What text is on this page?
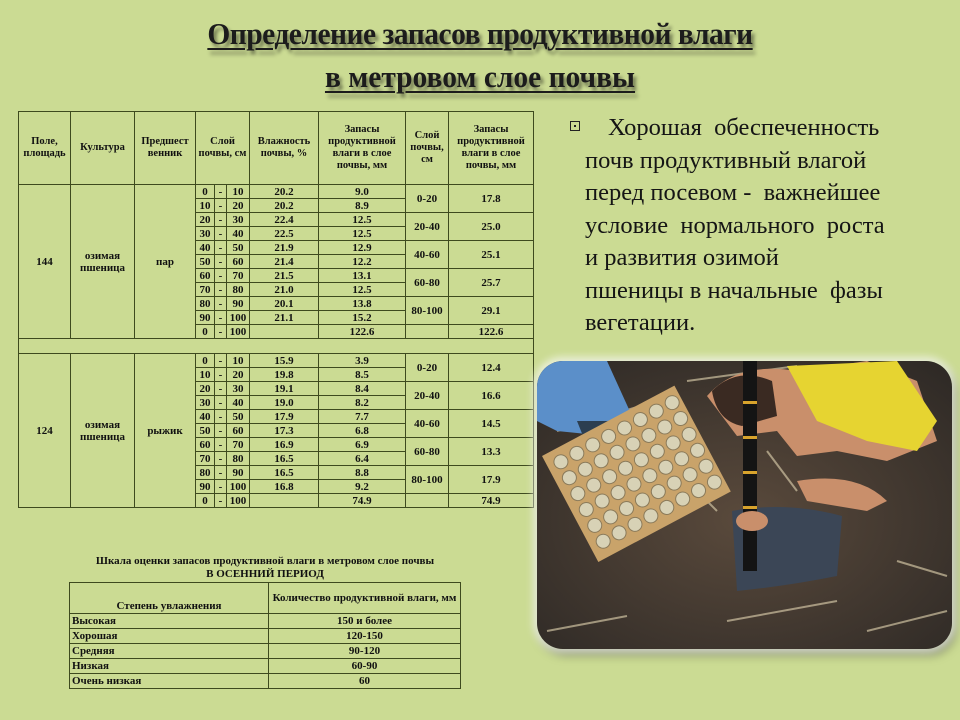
Определение запасов продуктивной влаги
в метровом слое почвы
Поле, площадь	Культура	Предшест венник	Слой почвы, см			Влажность почвы, %	Запасы продуктивной влаги в слое почвы, мм	Слой почвы, см	Запасы продуктивной влаги в слое почвы, мм
144	озимая пшеница	пар	0	-	10	20.2	9.0	0-20	17.8
			10	-	20	20.2	8.9		
			20	-	30	22.4	12.5	20-40	25.0
			30	-	40	22.5	12.5		
			40	-	50	21.9	12.9	40-60	25.1
			50	-	60	21.4	12.2		
			60	-	70	21.5	13.1	60-80	25.7
			70	-	80	21.0	12.5		
			80	-	90	20.1	13.8	80-100	29.1
			90	-	100	21.1	15.2		
			0	-	100		122.6		122.6

124	озимая пшеница	рыжик	0	-	10	15.9	3.9	0-20	12.4
			10	-	20	19.8	8.5		
			20	-	30	19.1	8.4	20-40	16.6
			30	-	40	19.0	8.2		
			40	-	50	17.9	7.7	40-60	14.5
			50	-	60	17.3	6.8		
			60	-	70	16.9	6.9	60-80	13.3
			70	-	80	16.5	6.4		
			80	-	90	16.5	8.8	80-100	17.9
			90	-	100	16.8	9.2		
			0	-	100		74.9		74.9
Шкала оценки запасов продуктивной влаги в метровом слое почвы
В ОСЕННИЙ ПЕРИОД
Степень увлажнения	Количество продуктивной влаги, мм
Высокая	150 и более
Хорошая	120-150
Средняя	90-120
Низкая	60-90
Очень низкая	60
Хорошая  обеспеченность
почв продуктивный влагой
перед посевом -  важнейшее
условие  нормального  роста
и развития озимой
пшеницы в начальные  фазы
вегетации.
